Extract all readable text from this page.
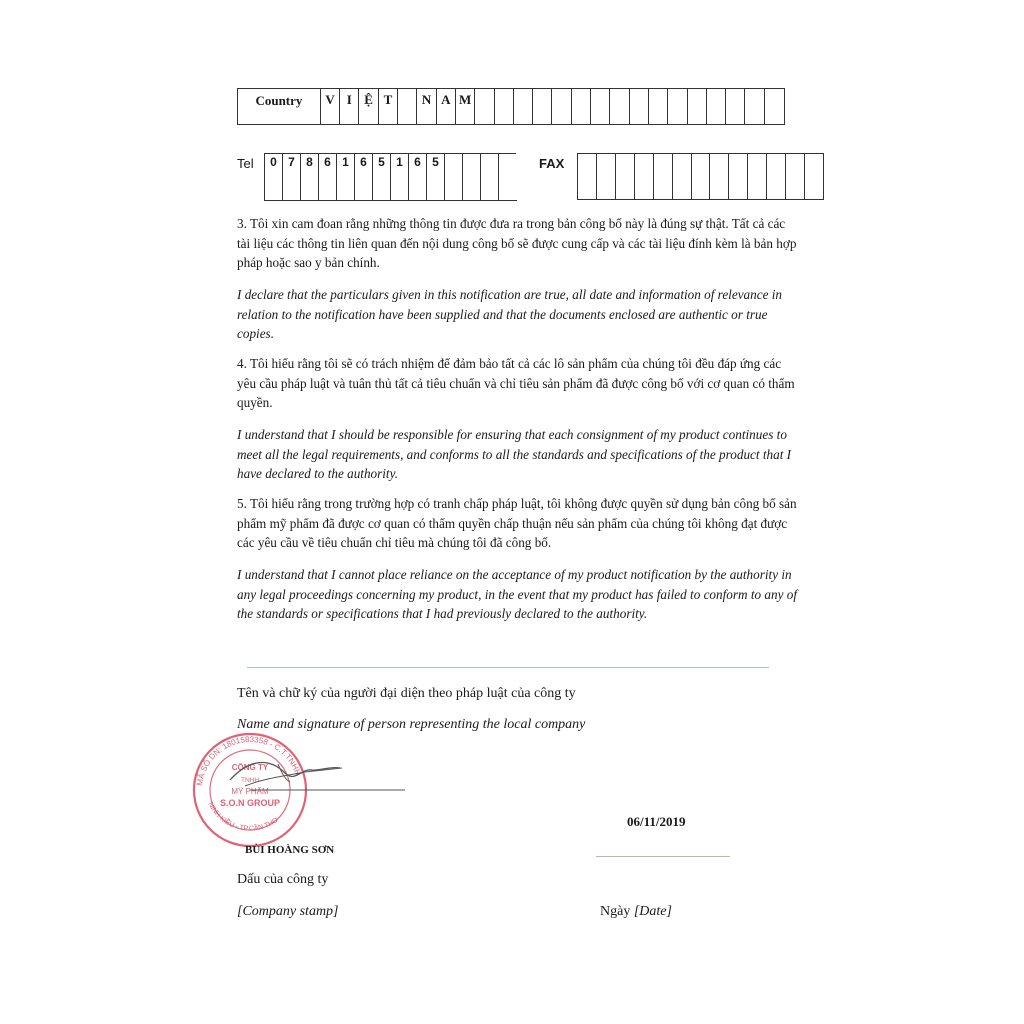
Country	V I Ệ T	N A M
Tel	0 7 8 6 1 6 5 1 6 5	FAX
3. Tôi xin cam đoan rằng những thông tin được đưa ra trong bản công bố này là đúng sự thật. Tất cả các tài liệu các thông tin liên quan đến nội dung công bố sẽ được cung cấp và các tài liệu đính kèm là bản hợp pháp hoặc sao y bản chính.
I declare that the particulars given in this notification are true, all date and information of relevance in relation to the notification have been supplied and that the documents enclosed are authentic or true copies.
4. Tôi hiểu rằng tôi sẽ có trách nhiệm để đảm bảo tất cả các lô sản phẩm của chúng tôi đều đáp ứng các yêu cầu pháp luật và tuân thủ tất cả tiêu chuẩn và chỉ tiêu sản phẩm đã được công bố với cơ quan có thẩm quyền.
I understand that I should be responsible for ensuring that each consignment of my product continues to meet all the legal requirements, and conforms to all the standards and specifications of the product that I have declared to the authority.
5. Tôi hiểu rằng trong trường hợp có tranh chấp pháp luật, tôi không được quyền sử dụng bản công bố sản phẩm mỹ phẩm đã được cơ quan có thẩm quyền chấp thuận nếu sản phẩm của chúng tôi không đạt được các yêu cầu về tiêu chuẩn chỉ tiêu mà chúng tôi đã công bố.
I understand that I cannot place reliance on the acceptance of my product notification by the authority in any legal proceedings concerning my product, in the event that my product has failed to conform to any of the standards or specifications that I had previously declared to the authority.
Tên và chữ ký của người đại diện theo pháp luật của công ty
Name and signature of person representing the local company
MÃ SỐ DN: 1801583358 - C.T.TNHH
NINH KIỀU - TP.CẦN THƠ
CÔNG TY
TNHH
MỸ PHẨM
S.O.N GROUP
BÙI HOÀNG SƠN
06/11/2019
Dấu của công ty
[Company stamp]	Ngày [Date]
